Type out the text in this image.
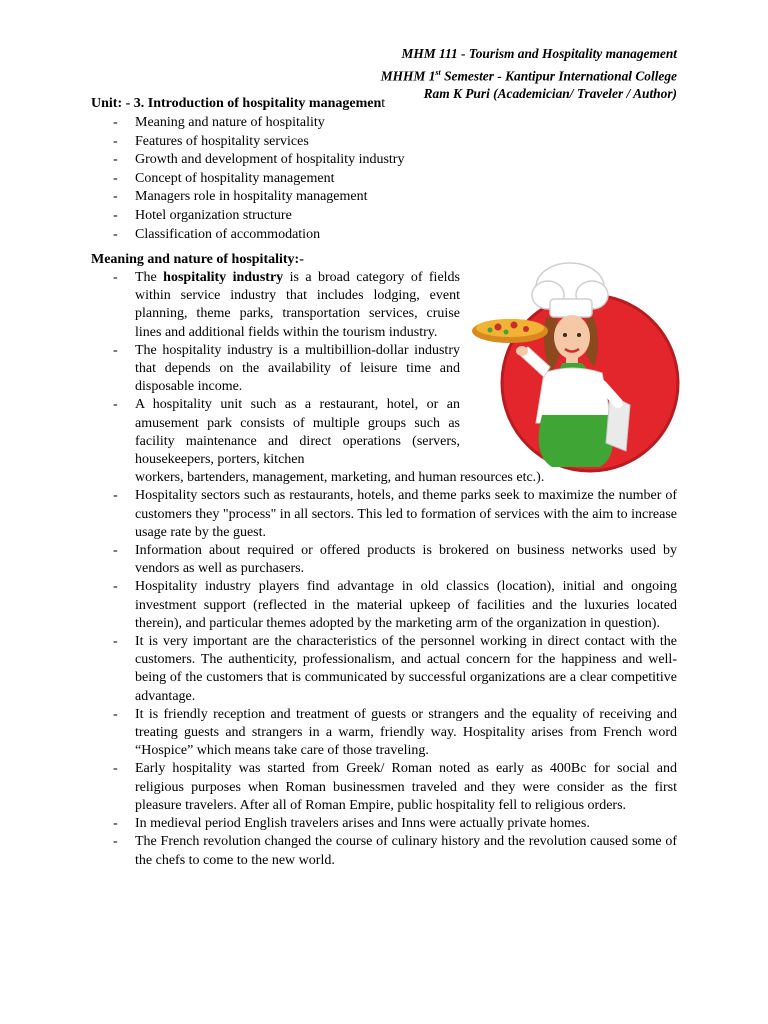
MHM 111 - Tourism and Hospitality management
MHHM 1st Semester - Kantipur International College
Ram K Puri (Academician/ Traveler / Author)
Unit: - 3. Introduction of hospitality management
- Meaning and nature of hospitality
- Features of hospitality services
- Growth and development of hospitality industry
- Concept of hospitality management
- Managers role in hospitality management
- Hotel organization structure
- Classification of accommodation
Meaning and nature of hospitality:-
- The hospitality industry is a broad category of fields within service industry that includes lodging, event planning, theme parks, transportation services, cruise lines and additional fields within the tourism industry.
- The hospitality industry is a multibillion-dollar industry that depends on the availability of leisure time and disposable income.
- A hospitality unit such as a restaurant, hotel, or an amusement park consists of multiple groups such as facility maintenance and direct operations (servers, housekeepers, porters, kitchen
workers, bartenders, management, marketing, and human resources etc.).
- Hospitality sectors such as restaurants, hotels, and theme parks seek to maximize the number of customers they "process" in all sectors. This led to formation of services with the aim to increase usage rate by the guest.
- Information about required or offered products is brokered on business networks used by vendors as well as purchasers.
- Hospitality industry players find advantage in old classics (location), initial and ongoing investment support (reflected in the material upkeep of facilities and the luxuries located therein), and particular themes adopted by the marketing arm of the organization in question).
- It is very important are the characteristics of the personnel working in direct contact with the customers. The authenticity, professionalism, and actual concern for the happiness and well-being of the customers that is communicated by successful organizations are a clear competitive advantage.
- It is friendly reception and treatment of guests or strangers and the equality of receiving and treating guests and strangers in a warm, friendly way. Hospitality arises from French word “Hospice” which means take care of those traveling.
- Early hospitality was started from Greek/ Roman noted as early as 400Bc for social and religious purposes when Roman businessmen traveled and they were consider as the first pleasure travelers. After all of Roman Empire, public hospitality fell to religious orders.
- In medieval period English travelers arises and Inns were actually private homes.
- The French revolution changed the course of culinary history and the revolution caused some of the chefs to come to the new world.
